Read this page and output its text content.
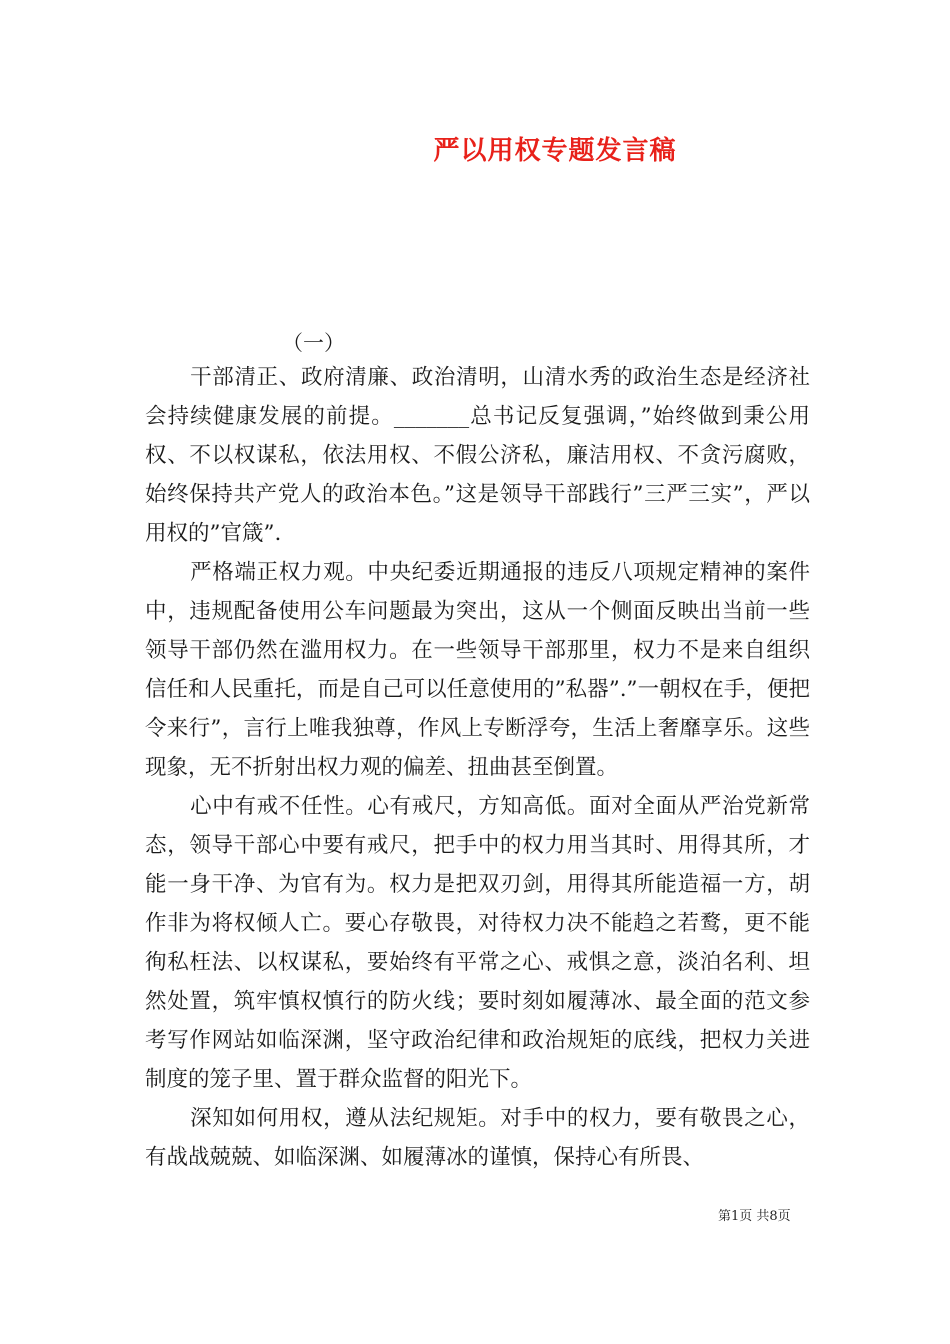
严以用权专题发言稿

（一）

干部清正、政府清廉、政治清明，山清水秀的政治生态是经济社会持续健康发展的前提。_______总书记反复强调，”始终做到秉公用权、不以权谋私，依法用权、不假公济私，廉洁用权、不贪污腐败，始终保持共产党人的政治本色。”这是领导干部践行”三严三实”，严以用权的”官箴”.

严格端正权力观。中央纪委近期通报的违反八项规定精神的案件中，违规配备使用公车问题最为突出，这从一个侧面反映出当前一些领导干部仍然在滥用权力。在一些领导干部那里，权力不是来自组织信任和人民重托，而是自己可以任意使用的”私器”.”一朝权在手，便把令来行”，言行上唯我独尊，作风上专断浮夸，生活上奢靡享乐。这些现象，无不折射出权力观的偏差、扭曲甚至倒置。

心中有戒不任性。心有戒尺，方知高低。面对全面从严治党新常态，领导干部心中要有戒尺，把手中的权力用当其时、用得其所，才能一身干净、为官有为。权力是把双刃剑，用得其所能造福一方，胡作非为将权倾人亡。要心存敬畏，对待权力决不能趋之若鹜，更不能徇私枉法、以权谋私，要始终有平常之心、戒惧之意，淡泊名利、坦然处置，筑牢慎权慎行的防火线；要时刻如履薄冰、最全面的范文参考写作网站如临深渊，坚守政治纪律和政治规矩的底线，把权力关进制度的笼子里、置于群众监督的阳光下。

深知如何用权，遵从法纪规矩。对手中的权力，要有敬畏之心，有战战兢兢、如临深渊、如履薄冰的谨慎，保持心有所畏、

第1页 共8页
